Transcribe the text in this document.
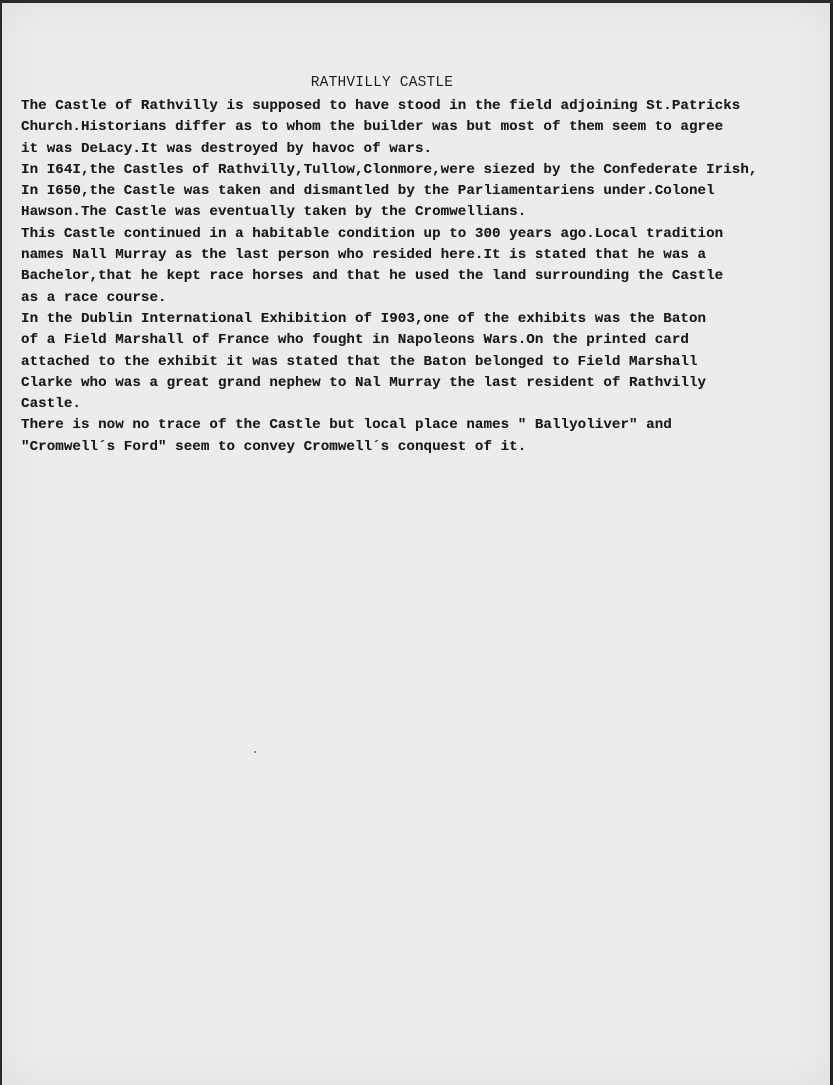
RATHVILLY CASTLE
The Castle of Rathvilly is supposed to have stood in the field adjoining St.Patricks
Church.Historians differ as to whom the builder was but most of them seem to agree
it was DeLacy.It was destroyed by havoc of wars.
In I64I,the Castles of Rathvilly,Tullow,Clonmore,were siezed by the Confederate Irish,
In I650,the Castle was taken and dismantled by the Parliamentariens under.Colonel
Hawson.The Castle was eventually taken by the Cromwellians.
This Castle continued in a habitable condition up to 300 years ago.Local tradition
names Nall Murray as the last person who resided here.It is stated that he was a
Bachelor,that he kept race horses and that he used the land surrounding the Castle
as a race course.
In the Dublin International Exhibition of I903,one of the exhibits was the Baton
of a Field Marshall of France who fought in Napoleons Wars.On the printed card
attached to the exhibit it was stated that the Baton belonged to Field Marshall
Clarke who was a great grand nephew to Nal Murray the last resident of Rathvilly
Castle.
There is now no trace of the Castle but local place names " Ballyoliver" and
"Cromwell´s Ford" seem to convey Cromwell´s conquest of it.
